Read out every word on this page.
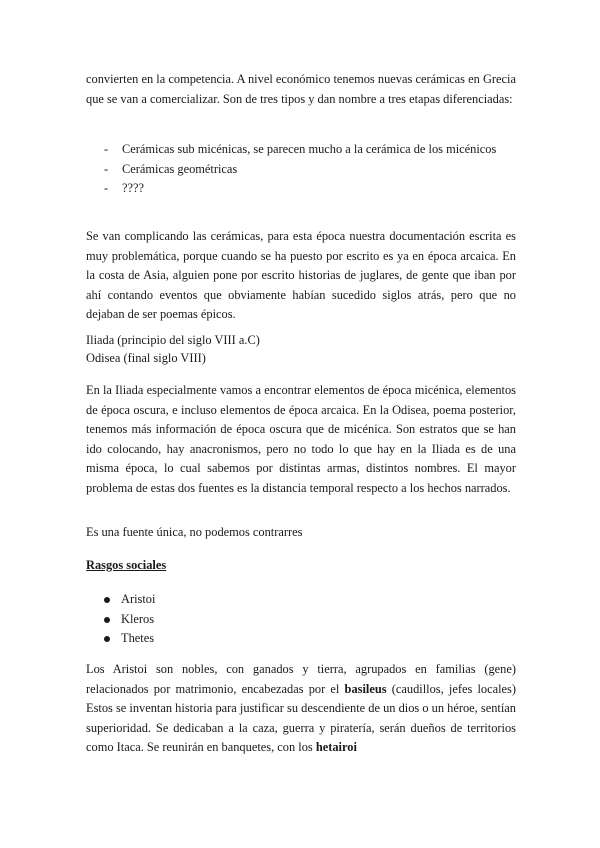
convierten en la competencia. A nivel económico tenemos nuevas cerámicas en Grecia que se van a comercializar. Son de tres tipos y dan nombre a tres etapas diferenciadas:

- Cerámicas sub micénicas, se parecen mucho a la cerámica de los micénicos
- Cerámicas geométricas
- ????

Se van complicando las cerámicas, para esta época nuestra documentación escrita es muy problemática, porque cuando se ha puesto por escrito es ya en época arcaica. En la costa de Asia, alguien pone por escrito historias de juglares, de gente que iban por ahí contando eventos que obviamente habían sucedido siglos atrás, pero que no dejaban de ser poemas épicos.

Iliada (principio del siglo VIII a.C)

Odisea (final siglo VIII)

En la Iliada especialmente vamos a encontrar elementos de época micénica, elementos de época oscura, e incluso elementos de época arcaica. En la Odisea, poema posterior, tenemos más información de época oscura que de micénica. Son estratos que se han ido colocando, hay anacronismos, pero no todo lo que hay en la Iliada es de una misma época, lo cual sabemos por distintas armas, distintos nombres. El mayor problema de estas dos fuentes es la distancia temporal respecto a los hechos narrados.

Es una fuente única, no podemos contrarres

Rasgos sociales

Aristoi
Kleros
Thetes

Los Aristoi son nobles, con ganados y tierra, agrupados en familias (gene) relacionados por matrimonio, encabezadas por el basileus (caudillos, jefes locales) Estos se inventan historia para justificar su descendiente de un dios o un héroe, sentían superioridad. Se dedicaban a la caza, guerra y piratería, serán dueños de territorios como Itaca. Se reunirán en banquetes, con los hetairoi
